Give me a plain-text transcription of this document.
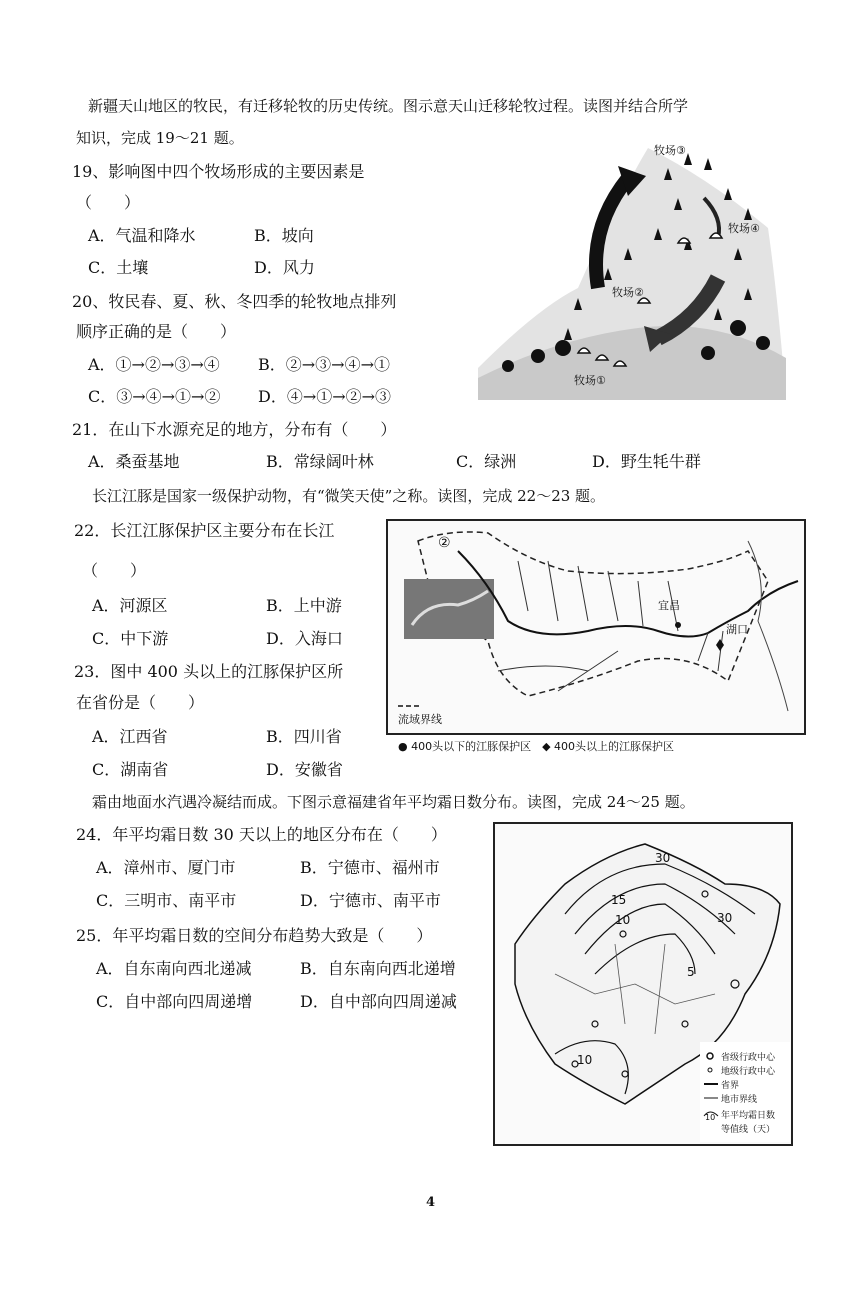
新疆天山地区的牧民，有迁移轮牧的历史传统。图示意天山迁移轮牧过程。读图并结合所学
知识，完成 19～21 题。
19、影响图中四个牧场形成的主要因素是
（　　）
A．气温和降水	B．坡向
C．土壤	D．风力
20、牧民春、夏、秋、冬四季的轮牧地点排列
顺序正确的是（　　）
A．①→②→③→④ B．②→③→④→①
C．③→④→①→② D．④→①→②→③
牧场③
牧场④
牧场②
牧场①
21．在山下水源充足的地方，分布有（　　）
A．桑蚕基地	B．常绿阔叶林	C．绿洲	D．野生牦牛群
长江江豚是国家一级保护动物，有“微笑天使”之称。读图，完成 22～23 题。
22．长江江豚保护区主要分布在长江
（　　）
A．河源区	B．上中游
C．中下游	D．入海口
23．图中 400 头以上的江豚保护区所
在省份是（　　）
A．江西省	B．四川省
C．湖南省	D．安徽省
②
宜昌
湖口
流域界线
● 400头以下的江豚保护区　◆ 400头以上的江豚保护区
霜由地面水汽遇冷凝结而成。下图示意福建省年平均霜日数分布。读图，完成 24～25 题。
24．年平均霜日数 30 天以上的地区分布在（　　）
A．漳州市、厦门市	B．宁德市、福州市
C．三明市、南平市	D．宁德市、南平市
25．年平均霜日数的空间分布趋势大致是（　　）
A．自东南向西北递减	B．自东南向西北递增
C．自中部向四周递增	D．自中部向四周递减
30
30
15
10
5
10	省级行政中心
地级行政中心
省界
地市界线
10 年平均霜日数
等值线（天）
4
